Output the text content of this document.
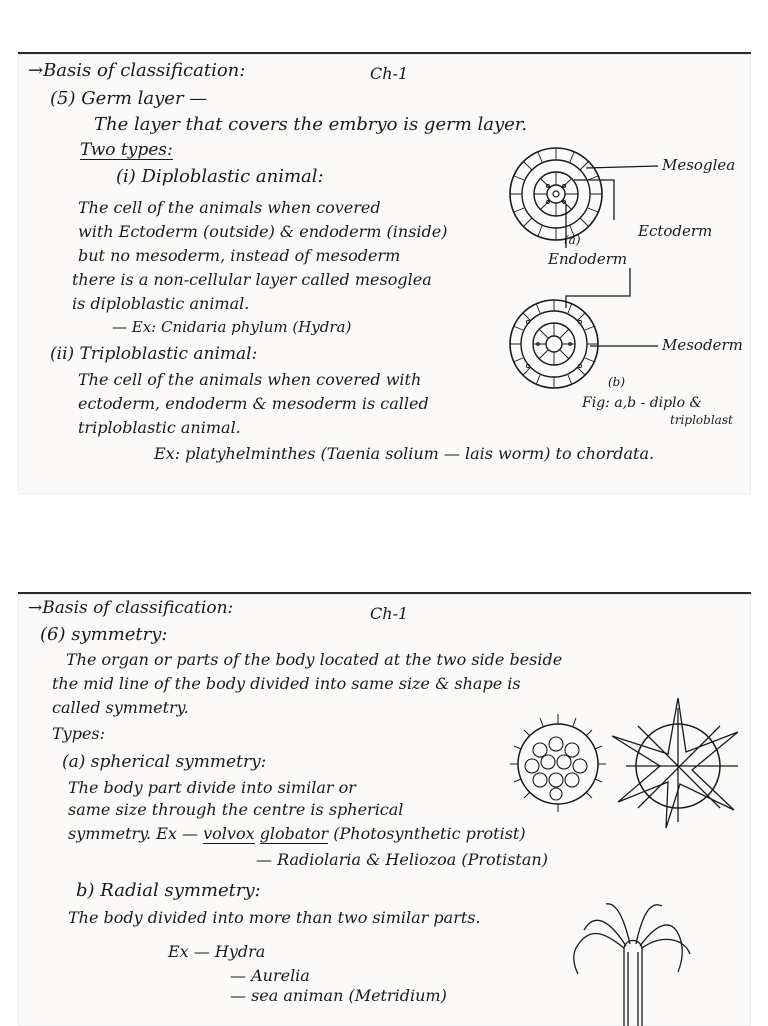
→Basis of classification:	Ch-1
(5) Germ layer —
The layer that covers the embryo is germ layer.
Two types:
(i) Diploblastic animal:
The cell of the animals when covered
with Ectoderm (outside) & endoderm (inside)
but no mesoderm, instead of mesoderm
there is a non-cellular layer called mesoglea
is diploblastic animal.
— Ex: Cnidaria phylum (Hydra)
(ii) Triploblastic animal:
The cell of the animals when covered with
ectoderm, endoderm & mesoderm is called
triploblastic animal.
Ex: platyhelminthes (Taenia solium — lais worm) to chordata.
Mesoglea
Ectoderm
Endoderm
Mesoderm
(a)
(b)
Fig: a,b - diplo &
triploblast
→Basis of classification:	Ch-1
(6) symmetry:
The organ or parts of the body located at the two side beside
the mid line of the body divided into same size & shape is
called symmetry.
Types:
(a) spherical symmetry:
The body part divide into similar or
same size through the centre is spherical
symmetry. Ex — volvox globator (Photosynthetic protist)
— Radiolaria & Heliozoa (Protistan)
b) Radial symmetry:
The body divided into more than two similar parts.
Ex — Hydra
— Aurelia
— sea animan (Metridium)
